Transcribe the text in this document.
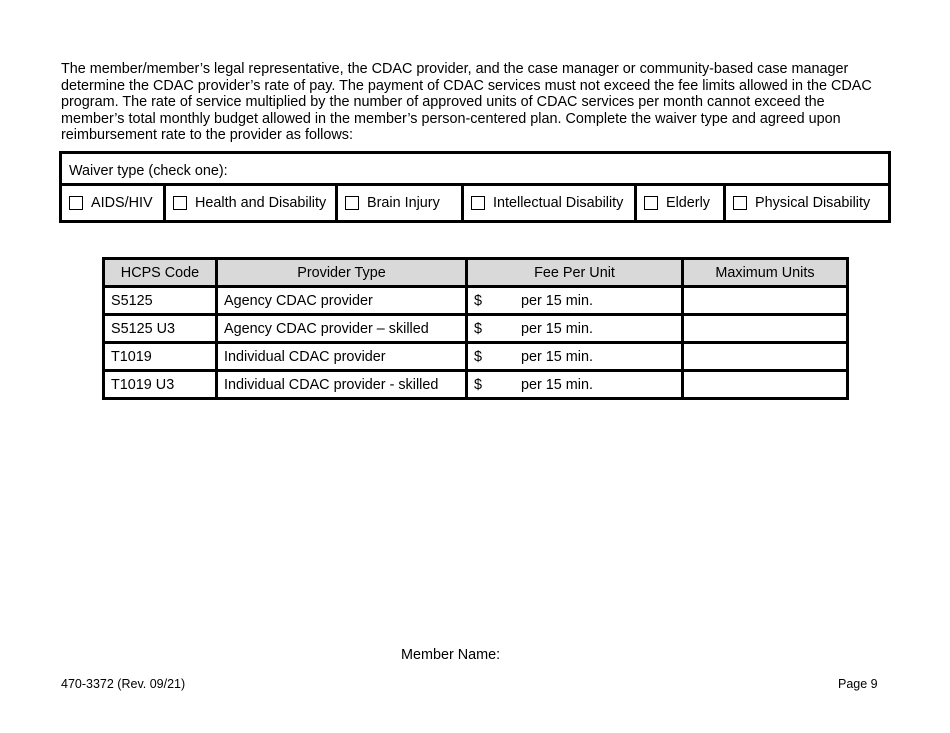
The member/member’s legal representative, the CDAC provider, and the case manager or community-based case manager determine the CDAC provider’s rate of pay. The payment of CDAC services must not exceed the fee limits allowed in the CDAC program. The rate of service multiplied by the number of approved units of CDAC services per month cannot exceed the member’s total monthly budget allowed in the member’s person-centered plan. Complete the waiver type and agreed upon reimbursement rate to the provider as follows:

Waiver type (check one):
AIDS/HIV	Health and Disability	Brain Injury	Intellectual Disability	Elderly	Physical Disability
HCPS Code	Provider Type	Fee Per Unit	Maximum Units
S5125	Agency CDAC provider	$ per 15 min.	
S5125 U3	Agency CDAC provider – skilled	$ per 15 min.	
T1019	Individual CDAC provider	$ per 15 min.	
T1019 U3	Individual CDAC provider - skilled	$ per 15 min.	
Member Name:
470-3372 (Rev. 09/21)	Page 9
